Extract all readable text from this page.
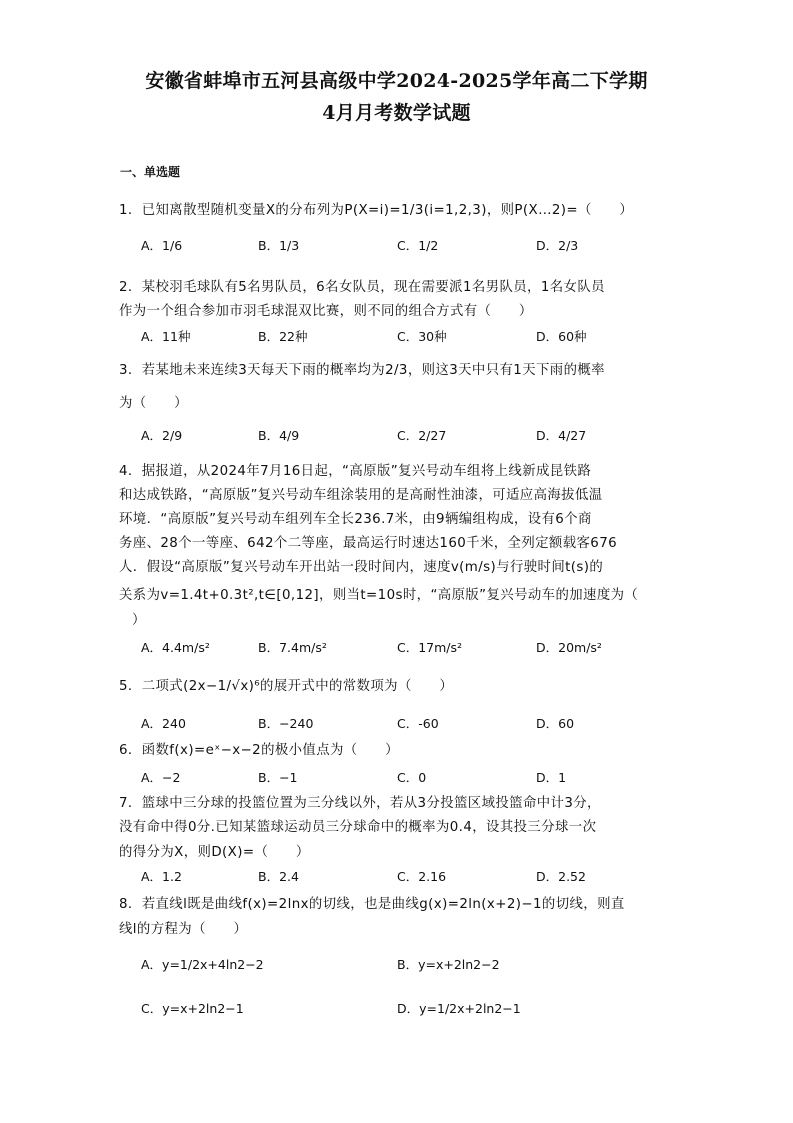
安徽省蚌埠市五河县高级中学2024-2025学年高二下学期
4月月考数学试题
一、单选题
1．已知离散型随机变量X的分布列为P(X=i)=1/3(i=1,2,3)，则P(X…2)=（　　）
A．1/6	B．1/3	C．1/2	D．2/3
2．某校羽毛球队有5名男队员，6名女队员，现在需要派1名男队员，1名女队员
作为一个组合参加市羽毛球混双比赛，则不同的组合方式有（　　）
A．11种	B．22种	C．30种	D．60种
3．若某地未来连续3天每天下雨的概率均为2/3，则这3天中只有1天下雨的概率
为（　　）
A．2/9	B．4/9	C．2/27	D．4/27
4．据报道，从2024年7月16日起，“高原版”复兴号动车组将上线新成昆铁路
和达成铁路，“高原版”复兴号动车组涂装用的是高耐性油漆，可适应高海拔低温
环境．“高原版”复兴号动车组列车全长236.7米，由9辆编组构成，设有6个商
务座、28个一等座、642个二等座，最高运行时速达160千米，全列定额载客676
人．假设“高原版”复兴号动车开出站一段时间内，速度v(m/s)与行驶时间t(s)的
关系为v=1.4t+0.3t²,t∈[0,12]，则当t=10s时，“高原版”复兴号动车的加速度为（
）
A．4.4m/s²	B．7.4m/s²	C．17m/s²	D．20m/s²
5．二项式(2x−1/√x)⁶的展开式中的常数项为（　　）
A．240	B．−240	C．-60	D．60
6．函数f(x)=eˣ−x−2的极小值点为（　　）
A．−2	B．−1	C．0	D．1
7．篮球中三分球的投篮位置为三分线以外，若从3分投篮区域投篮命中计3分，
没有命中得0分.已知某篮球运动员三分球命中的概率为0.4，设其投三分球一次
的得分为X，则D(X)=（　　）
A．1.2	B．2.4	C．2.16	D．2.52
8．若直线l既是曲线f(x)=2lnx的切线，也是曲线g(x)=2ln(x+2)−1的切线，则直
线l的方程为（　　）
A．y=1/2x+4ln2−2	B．y=x+2ln2−2
C．y=x+2ln2−1	D．y=1/2x+2ln2−1
